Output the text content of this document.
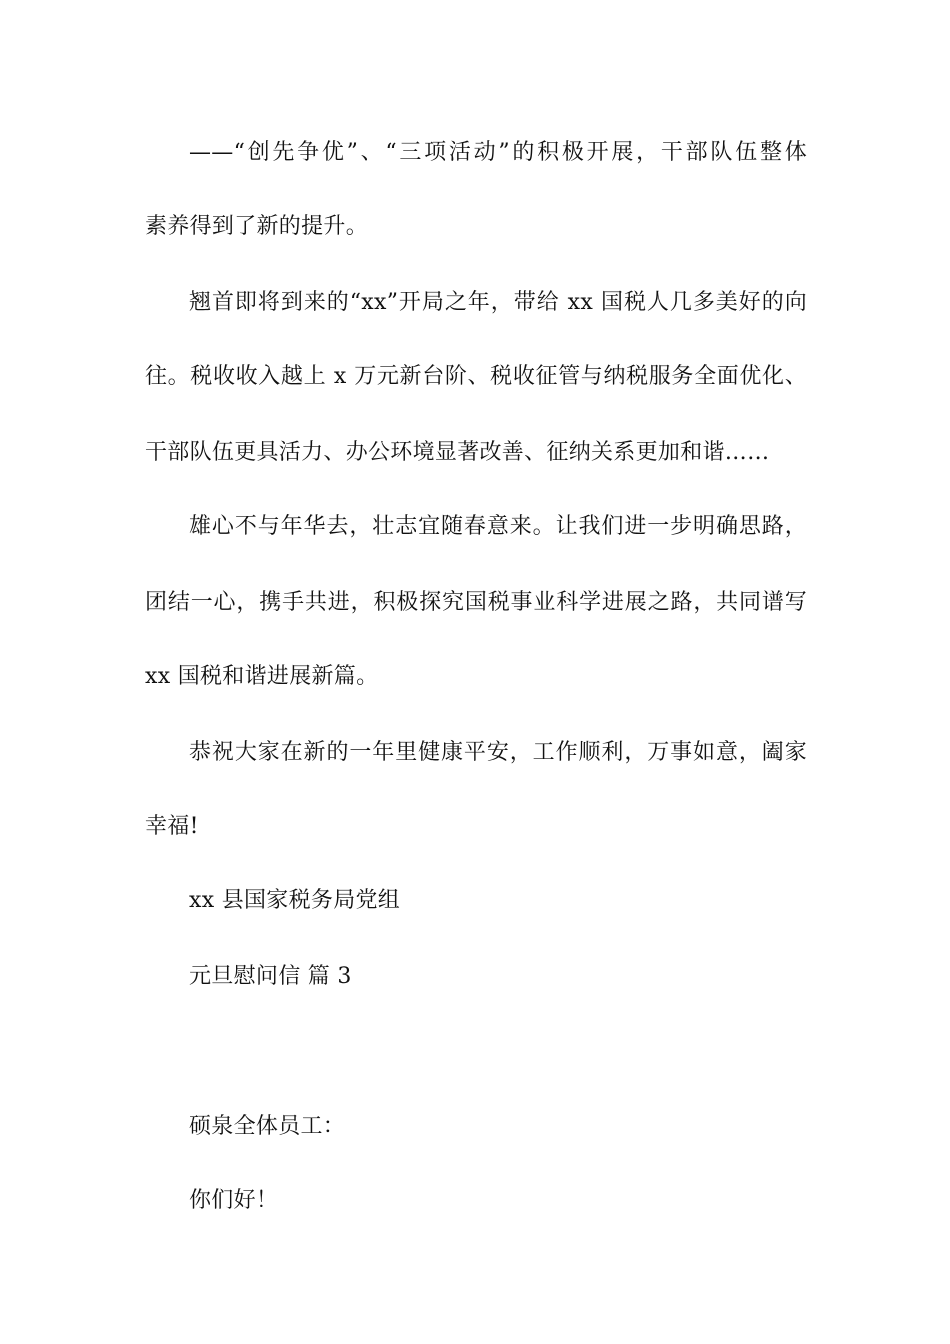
——“创先争优”、“三项活动”的积极开展，干部队伍整体
素养得到了新的提升。
翘首即将到来的“xx”开局之年，带给 xx 国税人几多美好的向
往。税收收入越上 x 万元新台阶、税收征管与纳税服务全面优化、
干部队伍更具活力、办公环境显著改善、征纳关系更加和谐……
雄心不与年华去，壮志宜随春意来。让我们进一步明确思路，
团结一心，携手共进，积极探究国税事业科学进展之路，共同谱写
xx 国税和谐进展新篇。
恭祝大家在新的一年里健康平安，工作顺利，万事如意，阖家
幸福!
xx 县国家税务局党组
元旦慰问信 篇 3
硕泉全体员工：
你们好！
